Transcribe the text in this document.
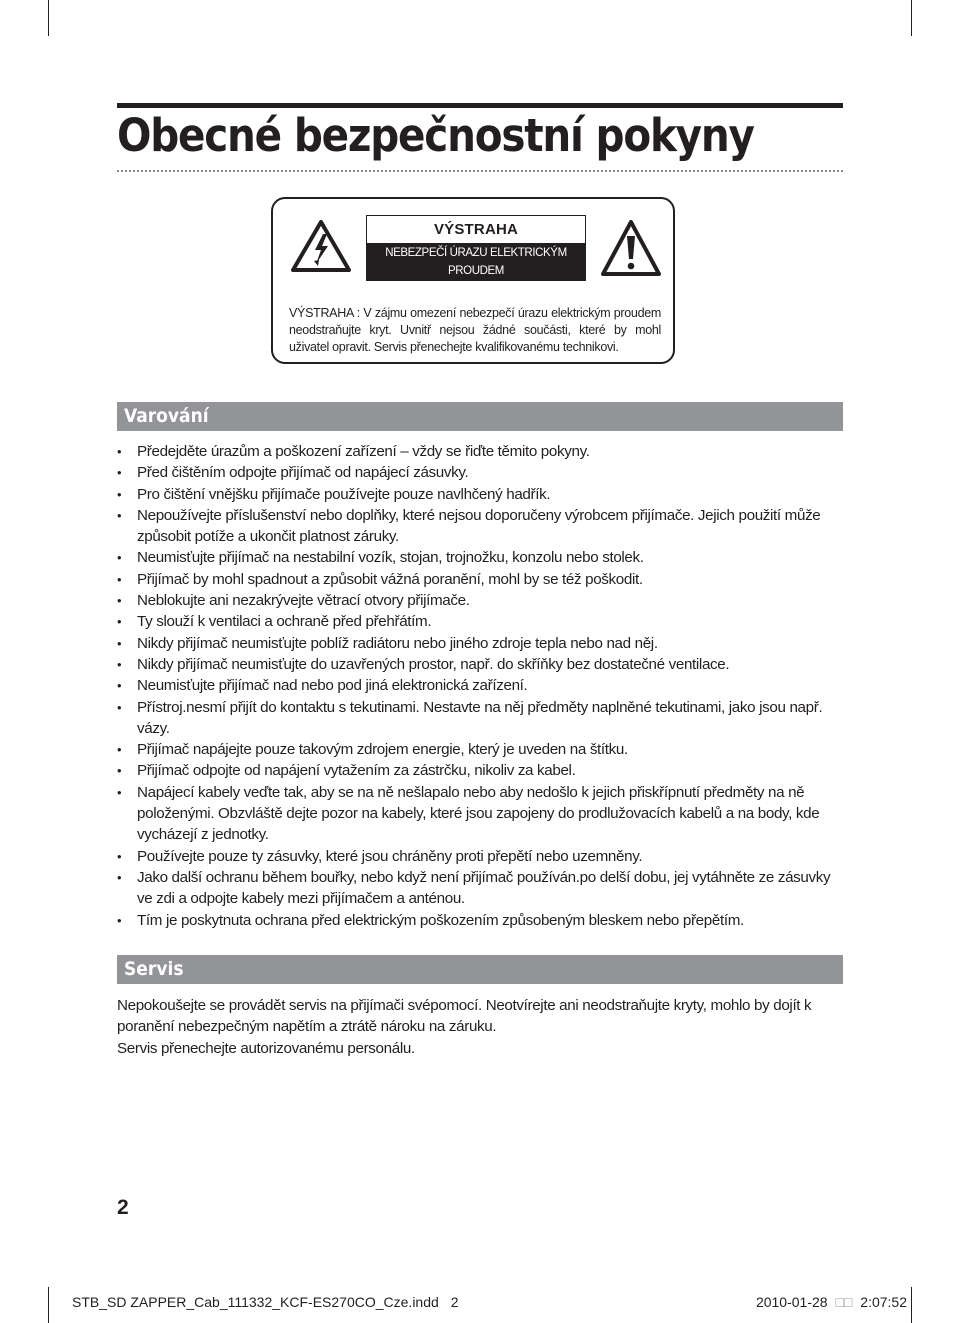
Obecné bezpečnostní pokyny
VÝSTRAHA
NEBEZPEČÍ ÚRAZU ELEKTRICKÝM PROUDEM
NEOTEVÍREJTE
VÝSTRAHA : V zájmu omezení nebezpečí úrazu elektrickým proudem neodstraňujte kryt. Uvnitř nejsou žádné součásti, které by mohl uživatel opravit. Servis přenechejte kvalifikovanému technikovi.
Varování
• Předejděte úrazům a poškození zařízení – vždy se řiďte těmito pokyny.
• Před čištěním odpojte přijímač od napájecí zásuvky.
• Pro čištění vnějšku přijímače používejte pouze navlhčený hadřík.
• Nepoužívejte příslušenství nebo doplňky, které nejsou doporučeny výrobcem přijímače. Jejich použití může způsobit potíže a ukončit platnost záruky.
• Neumisťujte přijímač na nestabilní vozík, stojan, trojnožku, konzolu nebo stolek.
• Přijímač by mohl spadnout a způsobit vážná poranění, mohl by se též poškodit.
• Neblokujte ani nezakrývejte větrací otvory přijímače.
• Ty slouží k ventilaci a ochraně před přehřátím.
• Nikdy přijímač neumisťujte poblíž radiátoru nebo jiného zdroje tepla nebo nad něj.
• Nikdy přijímač neumisťujte do uzavřených prostor, např. do skříňky bez dostatečné ventilace.
• Neumisťujte přijímač nad nebo pod jiná elektronická zařízení.
• Přístroj.nesmí přijít do kontaktu s tekutinami. Nestavte na něj předměty naplněné tekutinami, jako jsou např. vázy.
• Přijímač napájejte pouze takovým zdrojem energie, který je uveden na štítku.
• Přijímač odpojte od napájení vytažením za zástrčku, nikoliv za kabel.
• Napájecí kabely veďte tak, aby se na ně nešlapalo nebo aby nedošlo k jejich přiskřípnutí předměty na ně položenými. Obzvláště dejte pozor na kabely, které jsou zapojeny do prodlužovacích kabelů a na body, kde vycházejí z jednotky.
• Používejte pouze ty zásuvky, které jsou chráněny proti přepětí nebo uzemněny.
• Jako další ochranu během bouřky, nebo když není přijímač používán.po delší dobu, jej vytáhněte ze zásuvky ve zdi a odpojte kabely mezi přijímačem a anténou.
• Tím je poskytnuta ochrana před elektrickým poškozením způsobeným bleskem nebo přepětím.
Servis
Nepokoušejte se provádět servis na přijímači svépomocí. Neotvírejte ani neodstraňujte kryty, mohlo by dojít k poranění nebezpečným napětím a ztrátě nároku na záruku.
Servis přenechejte autorizovanému personálu.
2
STB_SD ZAPPER_Cab_111332_KCF-ES270CO_Cze.indd 2	2010-01-28 □□ 2:07:52
